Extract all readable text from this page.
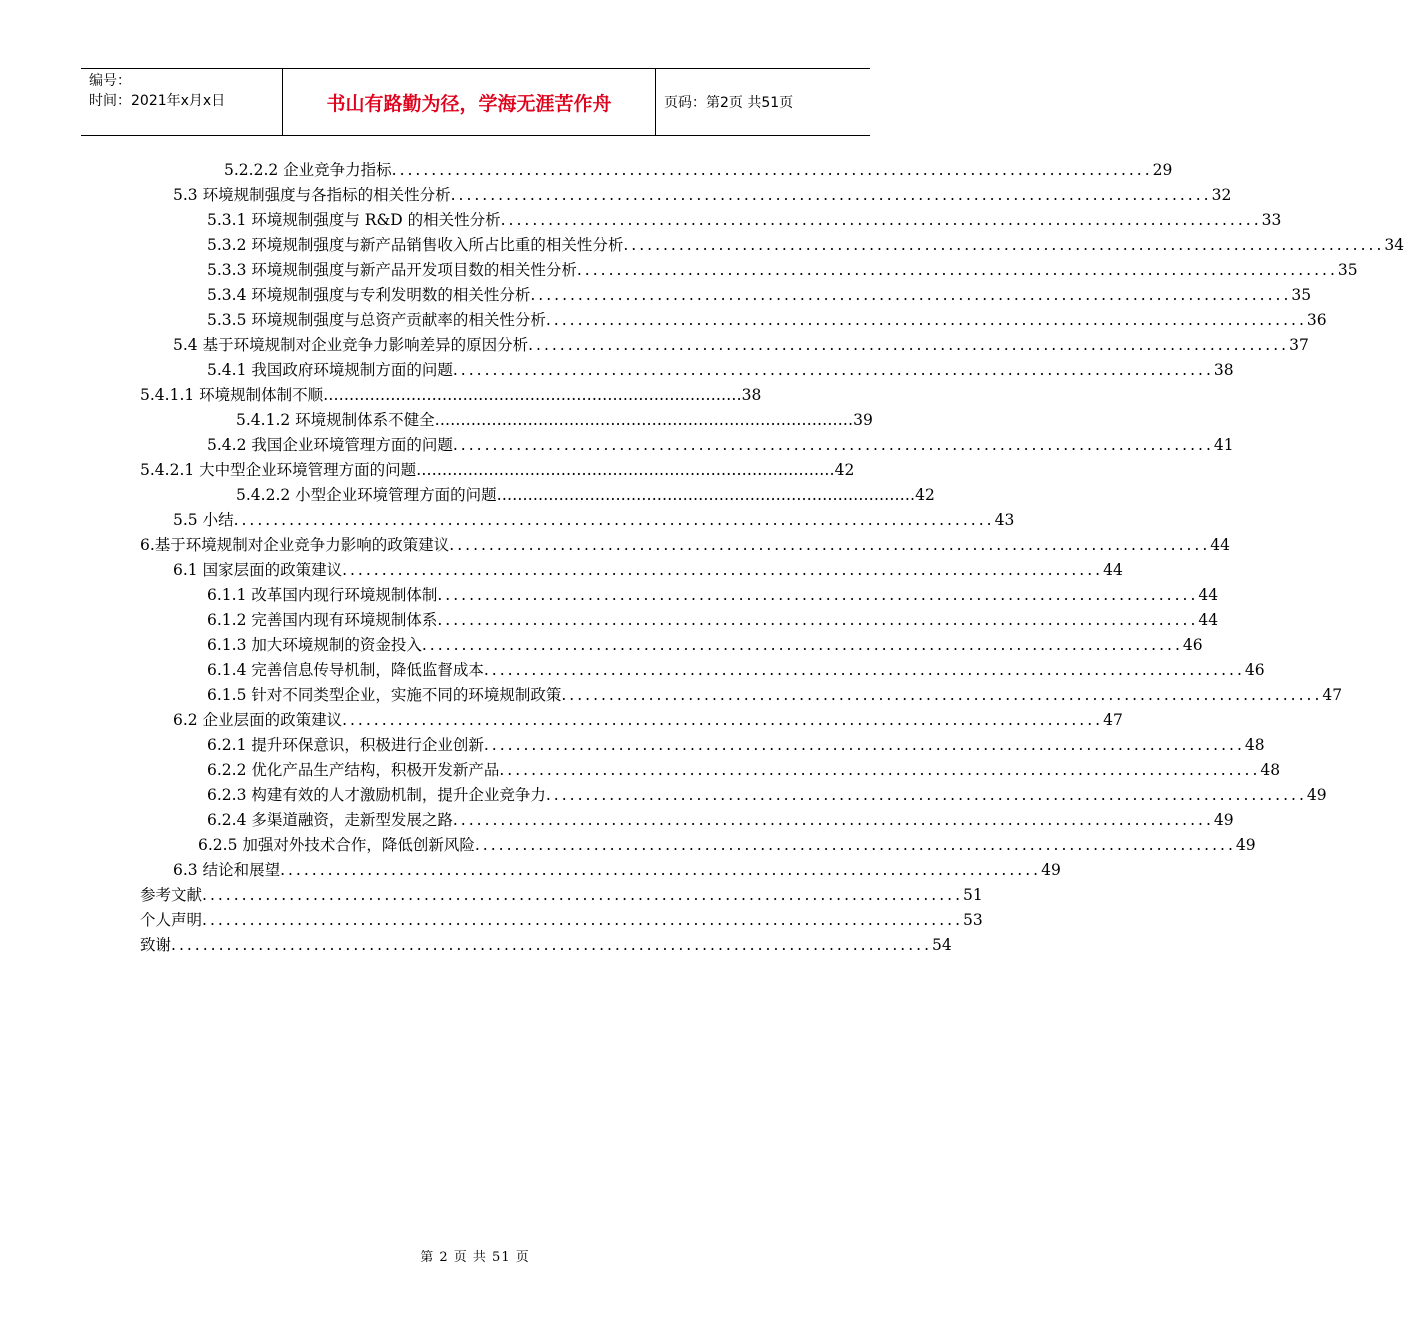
编号：
时间：2021年x月x日	书山有路勤为径，学海无涯苦作舟	页码：第2页 共51页
5.2.2.2 企业竞争力指标 ................................................................................................ 29
5.3 环境规制强度与各指标的相关性分析 ................................................................................................ 32
5.3.1 环境规制强度与 R&D 的相关性分析 ................................................................................................ 33
5.3.2 环境规制强度与新产品销售收入所占比重的相关性分析 ................................................................................................ 34
5.3.3 环境规制强度与新产品开发项目数的相关性分析 ................................................................................................ 35
5.3.4 环境规制强度与专利发明数的相关性分析 ................................................................................................ 35
5.3.5 环境规制强度与总资产贡献率的相关性分析 ................................................................................................ 36
5.4 基于环境规制对企业竞争力影响差异的原因分析 ................................................................................................ 37
5.4.1 我国政府环境规制方面的问题 ................................................................................................ 38
5.4.1.1 环境规制体制不顺 ……………………………………………………………………… 38
5.4.1.2 环境规制体系不健全 ……………………………………………………………………… 39
5.4.2 我国企业环境管理方面的问题 ................................................................................................ 41
5.4.2.1 大中型企业环境管理方面的问题 ……………………………………………………………………… 42
5.4.2.2 小型企业环境管理方面的问题 ……………………………………………………………………… 42
5.5 小结 ................................................................................................ 43
6.基于环境规制对企业竞争力影响的政策建议 ................................................................................................ 44
6.1 国家层面的政策建议 ................................................................................................ 44
6.1.1 改革国内现行环境规制体制 ................................................................................................ 44
6.1.2 完善国内现有环境规制体系 ................................................................................................ 44
6.1.3 加大环境规制的资金投入 ................................................................................................ 46
6.1.4 完善信息传导机制，降低监督成本 ................................................................................................ 46
6.1.5 针对不同类型企业，实施不同的环境规制政策 ................................................................................................ 47
6.2 企业层面的政策建议 ................................................................................................ 47
6.2.1 提升环保意识，积极进行企业创新 ................................................................................................ 48
6.2.2 优化产品生产结构，积极开发新产品 ................................................................................................ 48
6.2.3 构建有效的人才激励机制，提升企业竞争力 ................................................................................................ 49
6.2.4 多渠道融资，走新型发展之路 ................................................................................................ 49
6.2.5 加强对外技术合作，降低创新风险 ................................................................................................ 49
6.3 结论和展望 ................................................................................................ 49
参考文献 ................................................................................................ 51
个人声明 ................................................................................................ 53
致谢 ................................................................................................ 54
第 2 页 共 51 页
